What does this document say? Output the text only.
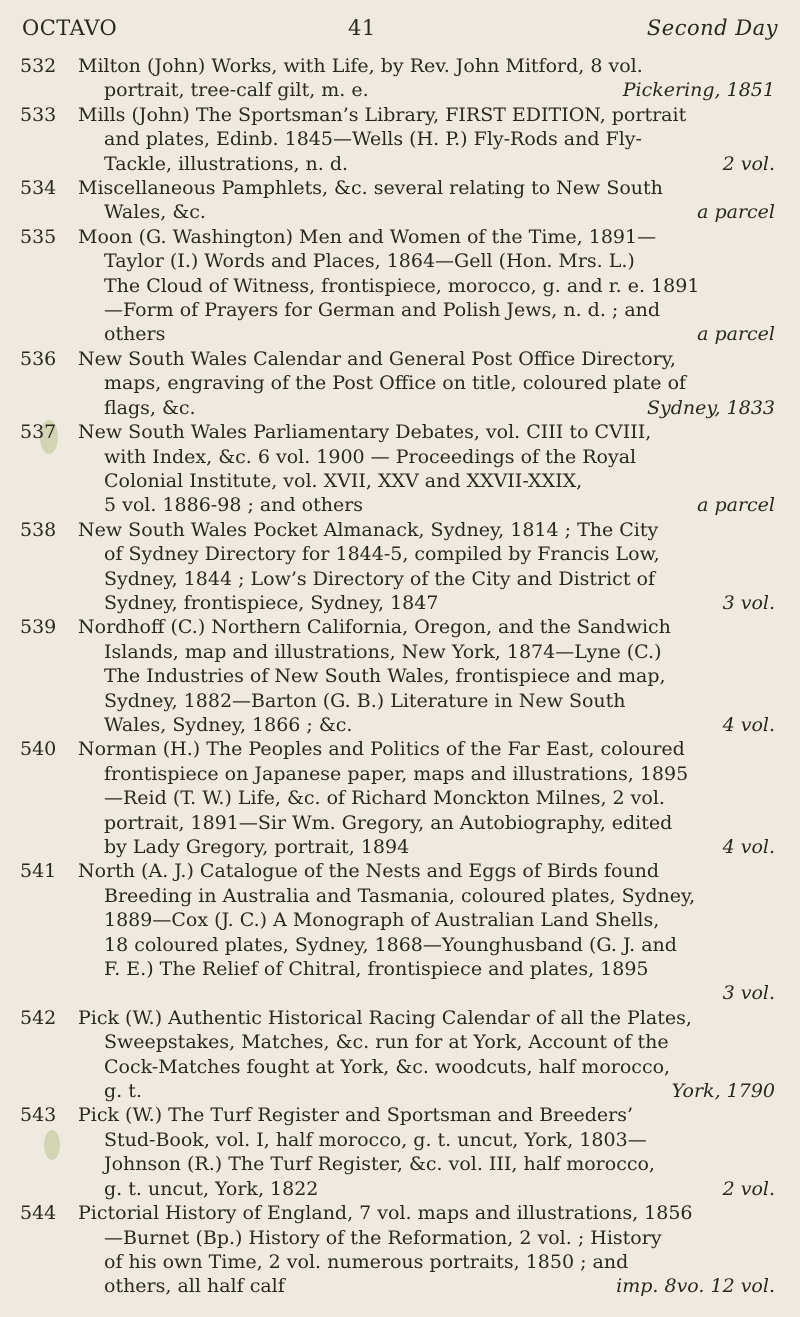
OCTAVO	41	Second Day
532	Milton (John) Works, with Life, by Rev. John Mitford, 8 vol.
portrait, tree-calf gilt, m. e.	Pickering, 1851
533	Mills (John) The Sportsman’s Library, FIRST EDITION, portrait
and plates, Edinb. 1845—Wells (H. P.) Fly-Rods and Fly-
Tackle, illustrations, n. d.	2 vol.
534	Miscellaneous Pamphlets, &c. several relating to New South
Wales, &c.	a parcel
535	Moon (G. Washington) Men and Women of the Time, 1891—
Taylor (I.) Words and Places, 1864—Gell (Hon. Mrs. L.)
The Cloud of Witness, frontispiece, morocco, g. and r. e. 1891
—Form of Prayers for German and Polish Jews, n. d. ; and
others	a parcel
536	New South Wales Calendar and General Post Office Directory,
maps, engraving of the Post Office on title, coloured plate of
flags, &c.	Sydney, 1833
537	New South Wales Parliamentary Debates, vol. CIII to CVIII,
with Index, &c. 6 vol. 1900 — Proceedings of the Royal
Colonial Institute, vol. XVII, XXV and XXVII-XXIX,
5 vol. 1886-98 ; and others	a parcel
538	New South Wales Pocket Almanack, Sydney, 1814 ; The City
of Sydney Directory for 1844-5, compiled by Francis Low,
Sydney, 1844 ; Low’s Directory of the City and District of
Sydney, frontispiece, Sydney, 1847	3 vol.
539	Nordhoff (C.) Northern California, Oregon, and the Sandwich
Islands, map and illustrations, New York, 1874—Lyne (C.)
The Industries of New South Wales, frontispiece and map,
Sydney, 1882—Barton (G. B.) Literature in New South
Wales, Sydney, 1866 ; &c.	4 vol.
540	Norman (H.) The Peoples and Politics of the Far East, coloured
frontispiece on Japanese paper, maps and illustrations, 1895
—Reid (T. W.) Life, &c. of Richard Monckton Milnes, 2 vol.
portrait, 1891—Sir Wm. Gregory, an Autobiography, edited
by Lady Gregory, portrait, 1894	4 vol.
541	North (A. J.) Catalogue of the Nests and Eggs of Birds found
Breeding in Australia and Tasmania, coloured plates, Sydney,
1889—Cox (J. C.) A Monograph of Australian Land Shells,
18 coloured plates, Sydney, 1868—Younghusband (G. J. and
F. E.) The Relief of Chitral, frontispiece and plates, 1895
3 vol.
542	Pick (W.) Authentic Historical Racing Calendar of all the Plates,
Sweepstakes, Matches, &c. run for at York, Account of the
Cock-Matches fought at York, &c. woodcuts, half morocco,
g. t.	York, 1790
543	Pick (W.) The Turf Register and Sportsman and Breeders’
Stud-Book, vol. I, half morocco, g. t. uncut, York, 1803—
Johnson (R.) The Turf Register, &c. vol. III, half morocco,
g. t. uncut, York, 1822	2 vol.
544	Pictorial History of England, 7 vol. maps and illustrations, 1856
—Burnet (Bp.) History of the Reformation, 2 vol. ; History
of his own Time, 2 vol. numerous portraits, 1850 ; and
others, all half calf	imp. 8vo. 12 vol.
